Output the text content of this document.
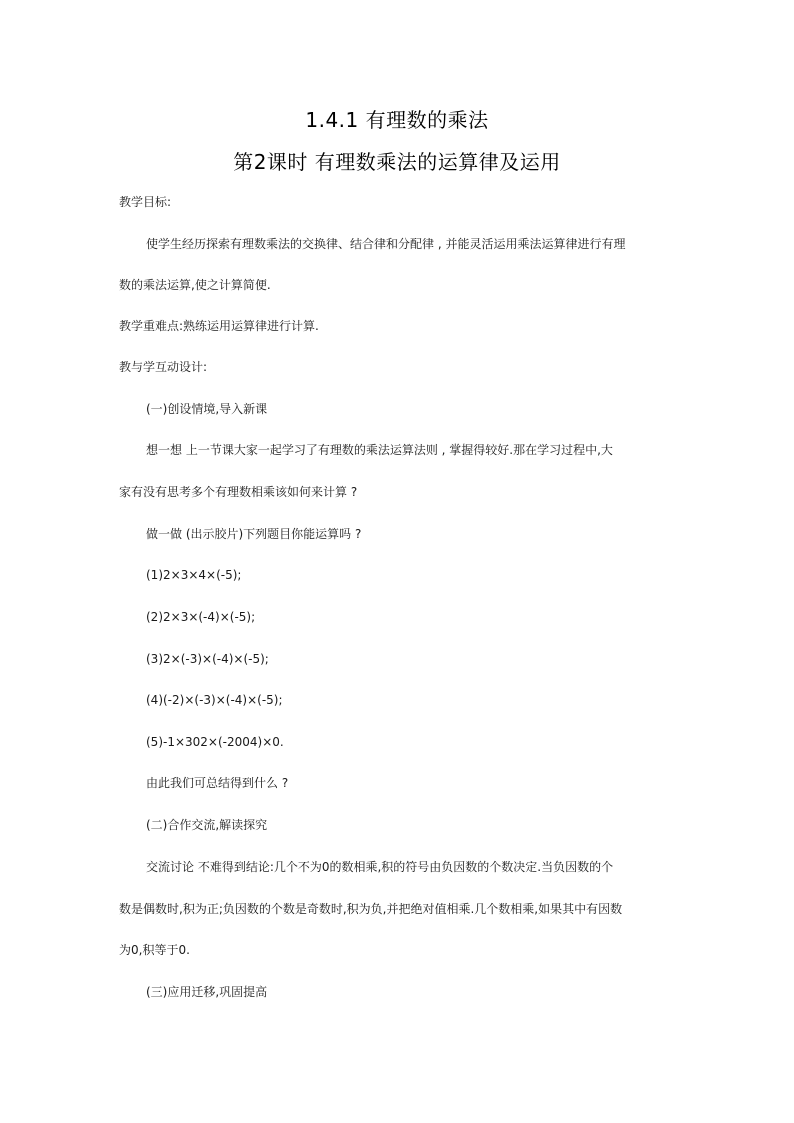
1.4.1 有理数的乘法
第2课时 有理数乘法的运算律及运用
教学目标:
使学生经历探索有理数乘法的交换律、结合律和分配律 , 并能灵活运用乘法运算律进行有理
数的乘法运算,使之计算简便.
教学重难点:熟练运用运算律进行计算.
教与学互动设计:
(一)创设情境,导入新课
想一想 上一节课大家一起学习了有理数的乘法运算法则 , 掌握得较好.那在学习过程中,大
家有没有思考多个有理数相乘该如何来计算 ?
做一做 (出示胶片)下列题目你能运算吗 ?
(1)2×3×4×(-5);
(2)2×3×(-4)×(-5);
(3)2×(-3)×(-4)×(-5);
(4)(-2)×(-3)×(-4)×(-5);
(5)-1×302×(-2004)×0.
由此我们可总结得到什么 ?
(二)合作交流,解读探究
交流讨论 不难得到结论:几个不为0的数相乘,积的符号由负因数的个数决定.当负因数的个
数是偶数时,积为正;负因数的个数是奇数时,积为负,并把绝对值相乘.几个数相乘,如果其中有因数
为0,积等于0.
(三)应用迁移,巩固提高
